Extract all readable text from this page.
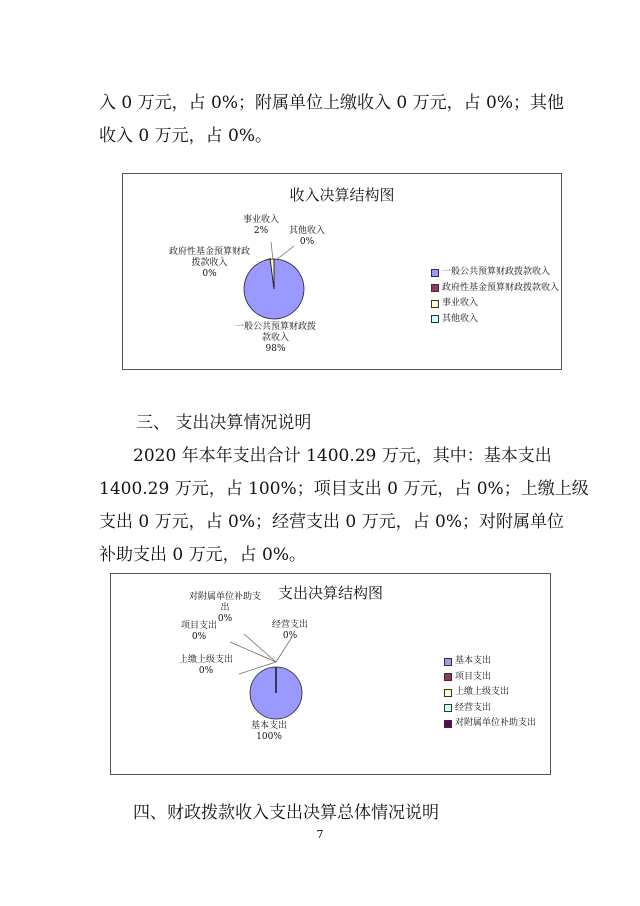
入 0 万元，占 0%；附属单位上缴收入 0 万元，占 0%；其他
收入 0 万元，占 0%。
收入决算结构图
事业收入
2%	其他收入
0%
政府性基金预算财政
拨款收入
0%
一般公共预算财政拨
款收入
98%
一般公共预算财政拨款收入
政府性基金预算财政拨款收入
事业收入
其他收入
三、 支出决算情况说明
2020 年本年支出合计 1400.29 万元，其中：基本支出
1400.29 万元，占 100%；项目支出 0 万元，占 0%；上缴上级
支出 0 万元，占 0%；经营支出 0 万元，占 0%；对附属单位
补助支出 0 万元，占 0%。
支出决算结构图
对附属单位补助支
出
0%
项目支出
0%
经营支出
0%
上缴上级支出
0%
基本支出
100%
基本支出
项目支出
上缴上级支出
经营支出
对附属单位补助支出
四、财政拨款收入支出决算总体情况说明
7
